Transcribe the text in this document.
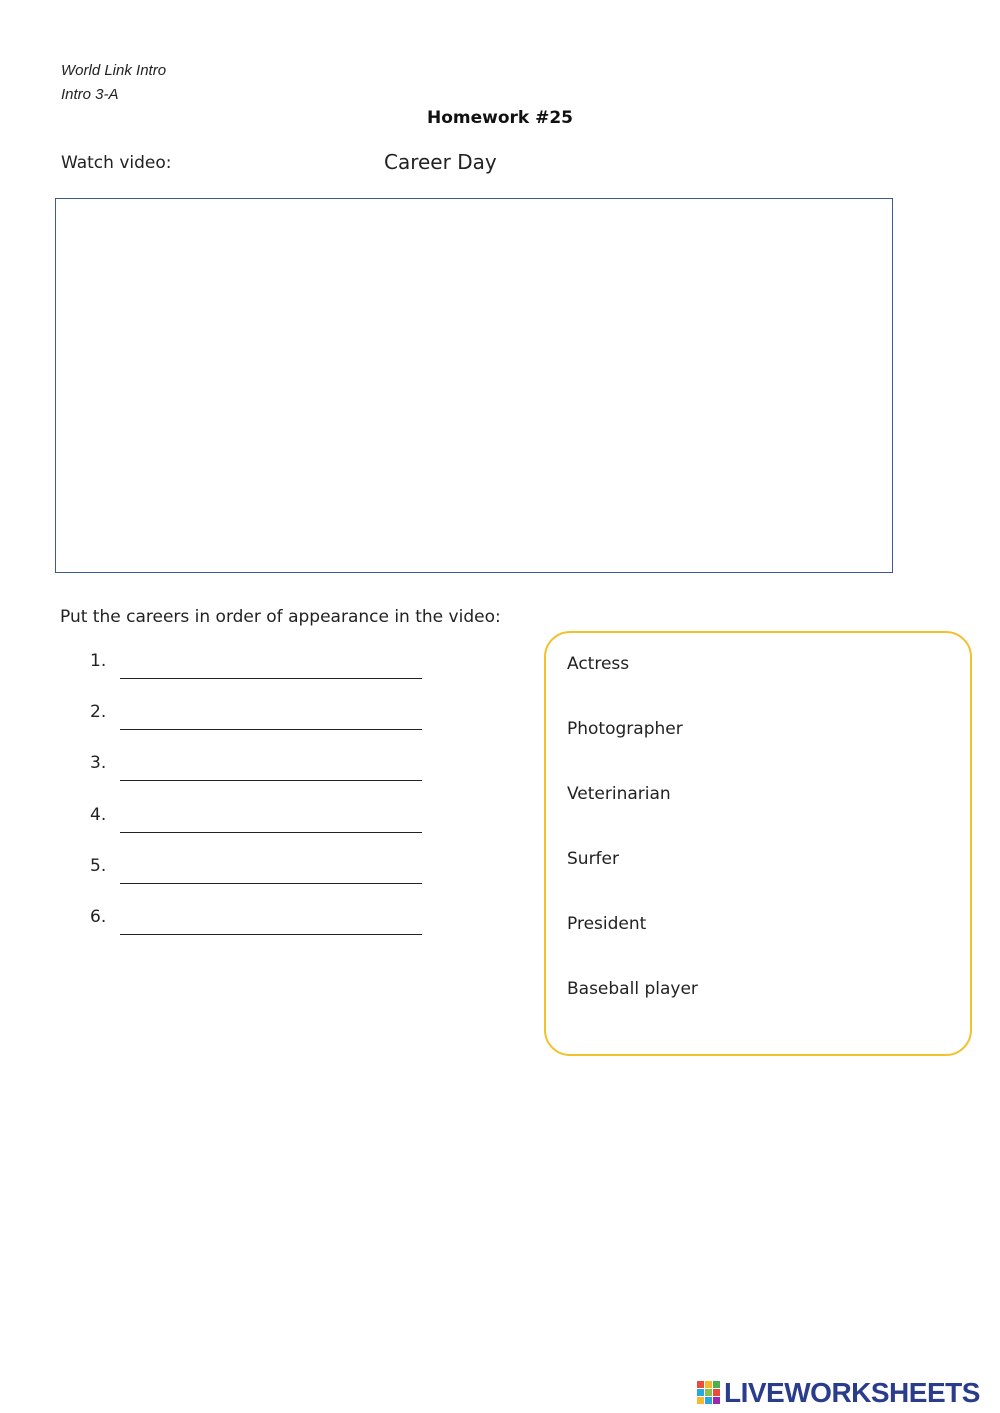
World Link Intro
Intro 3-A
Homework #25
Watch video:	Career Day
Put the careers in order of appearance in the video:
1.
2.
3.
4.
5.
6.
Actress
Photographer
Veterinarian
Surfer
President
Baseball player
LIVEWORKSHEETS
